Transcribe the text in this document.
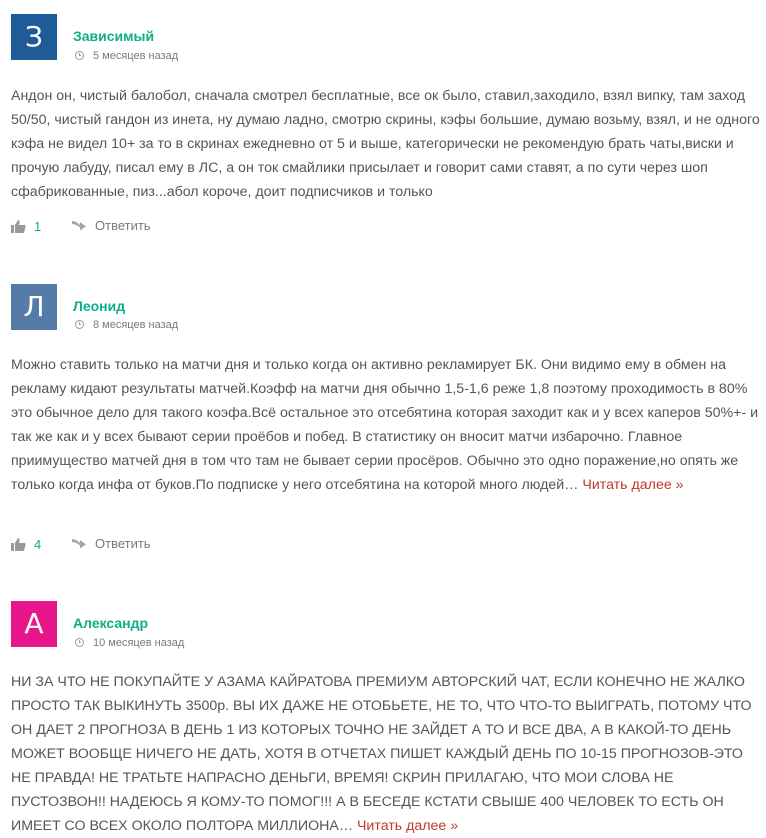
З	Зависимый
5 месяцев назад
Андон он, чистый балобол, сначала смотрел бесплатные, все ок было, ставил,заходило, взял випку, там заход 50/50, чистый гандон из инета, ну думаю ладно, смотрю скрины, кэфы большие, думаю возьму, взял, и не одного кэфа не видел 10+ за то в скринах ежедневно от 5 и выше, категорически не рекомендую брать чаты,виски и прочую лабуду, писал ему в ЛС, а он ток смайлики присылает и говорит сами ставят, а по сути через шоп сфабрикованные, пиз...абол короче, доит подписчиков и только
1	Ответить
Л	Леонид
8 месяцев назад
Можно ставить только на матчи дня и только когда он активно рекламирует БК. Они видимо ему в обмен на рекламу кидают результаты матчей.Коэфф на матчи дня обычно 1,5-1,6 реже 1,8 поэтому проходимость в 80% это обычное дело для такого коэфа.Всё остальное это отсебятина которая заходит как и у всех каперов 50%+- и так же как и у всех бывают серии проёбов и побед. В статистику он вносит матчи избарочно. Главное приимущество матчей дня в том что там не бывает серии просёров. Обычно это одно поражение,но опять же только когда инфа от буков.По подписке у него отсебятина на которой много людей… Читать далее »
4	Ответить
А	Александр
10 месяцев назад
НИ ЗА ЧТО НЕ ПОКУПАЙТЕ У АЗАМА КАЙРАТОВА ПРЕМИУМ АВТОРСКИЙ ЧАТ, ЕСЛИ КОНЕЧНО НЕ ЖАЛКО ПРОСТО ТАК ВЫКИНУТЬ 3500р. ВЫ ИХ ДАЖЕ НЕ ОТОБЬЕТЕ, НЕ ТО, ЧТО ЧТО-ТО ВЫИГРАТЬ, ПОТОМУ ЧТО ОН ДАЕТ 2 ПРОГНОЗА В ДЕНЬ 1 ИЗ КОТОРЫХ ТОЧНО НЕ ЗАЙДЕТ А ТО И ВСЕ ДВА, А В КАКОЙ-ТО ДЕНЬ МОЖЕТ ВООБЩЕ НИЧЕГО НЕ ДАТЬ, ХОТЯ В ОТЧЕТАХ ПИШЕТ КАЖДЫЙ ДЕНЬ ПО 10-15 ПРОГНОЗОВ-ЭТО НЕ ПРАВДА! НЕ ТРАТЬТЕ НАПРАСНО ДЕНЬГИ, ВРЕМЯ! СКРИН ПРИЛАГАЮ, ЧТО МОИ СЛОВА НЕ ПУСТОЗВОН!! НАДЕЮСЬ Я КОМУ-ТО ПОМОГ!!! А В БЕСЕДЕ КСТАТИ СВЫШЕ 400 ЧЕЛОВЕК ТО ЕСТЬ ОН ИМЕЕТ СО ВСЕХ ОКОЛО ПОЛТОРА МИЛЛИОНА… Читать далее »
